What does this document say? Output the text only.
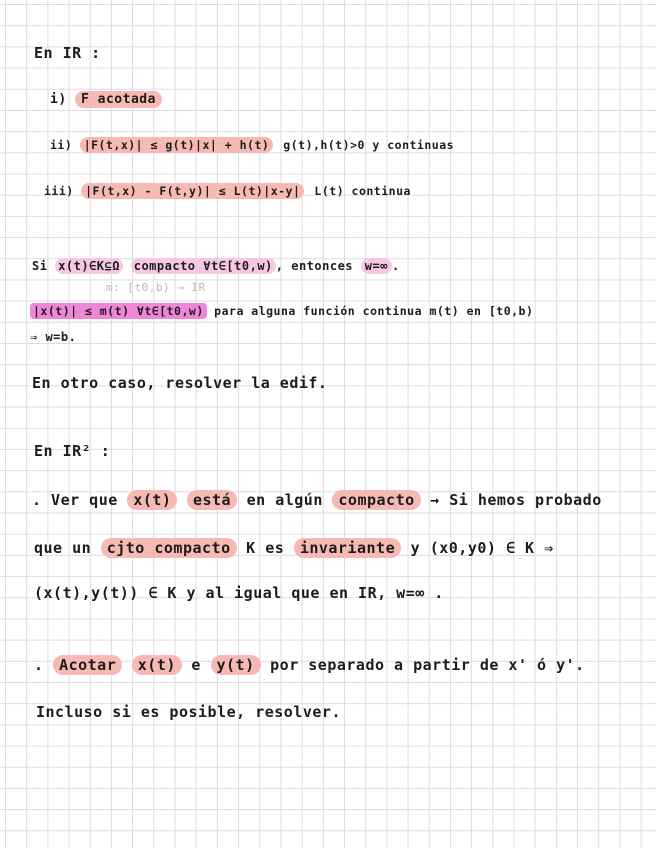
En IR :
i) F acotada
ii) |F(t,x)| ≤ g(t)|x| + h(t) g(t),h(t)>0 y continuas
iii) |F(t,x) - F(t,y)| ≤ L(t)|x-y| L(t) continua
Si x(t)∈K⊆Ω compacto ∀t∈[t0,w) , entonces w=∞ .
m: [t0,b) → IR
|x(t)| ≤ m(t) ∀t∈[t0,w) para alguna función continua m(t) en [t0,b)
⇒ w=b.
En otro caso, resolver la edif.
En IR² :
. Ver que x(t) está en algún compacto → Si hemos probado
que un cjto compacto K es invariante y (x0,y0) ∈ K ⇒
(x(t),y(t)) ∈ K y al igual que en IR, w=∞ .
. Acotar x(t) e y(t) por separado a partir de x' ó y'.
Incluso si es posible, resolver.
